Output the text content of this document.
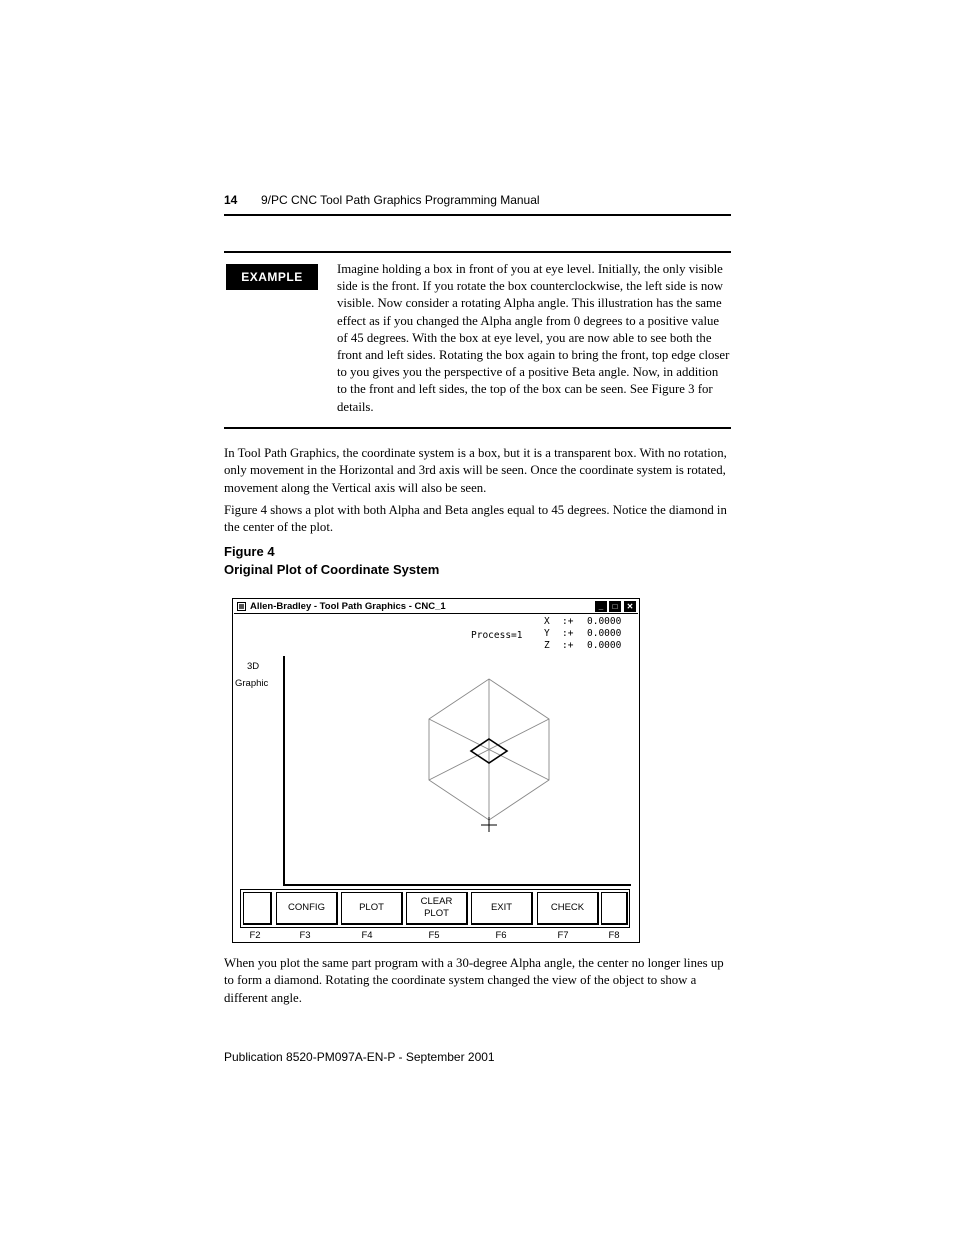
14 9/PC CNC Tool Path Graphics Programming Manual
EXAMPLE
Imagine holding a box in front of you at eye level. Initially, the only visible side is the front. If you rotate the box counterclockwise, the left side is now visible. Now consider a rotating Alpha angle. This illustration has the same effect as if you changed the Alpha angle from 0 degrees to a positive value of 45 degrees. With the box at eye level, you are now able to see both the front and left sides. Rotating the box again to bring the front, top edge closer to you gives you the perspective of a positive Beta angle. Now, in addition to the front and left sides, the top of the box can be seen. See Figure 3 for details.
In Tool Path Graphics, the coordinate system is a box, but it is a transparent box. With no rotation, only movement in the Horizontal and 3rd axis will be seen. Once the coordinate system is rotated, movement along the Vertical axis will also be seen.
Figure 4 shows a plot with both Alpha and Beta angles equal to 45 degrees. Notice the diamond in the center of the plot.
Figure 4
Original Plot of Coordinate System
Allen-Bradley - Tool Path Graphics - CNC_1	_	□	✕
Process=1
X :+ 0.0000
Y :+ 0.0000
Z :+ 0.0000
3D
Graphic
CONFIG	PLOT
CLEAR
PLOT
EXIT	CHECK
F2	F3	F4	F5	F6	F7	F8
When you plot the same part program with a 30-degree Alpha angle, the center no longer lines up to form a diamond. Rotating the coordinate system changed the view of the object to show a different angle.
Publication 8520-PM097A-EN-P - September 2001
